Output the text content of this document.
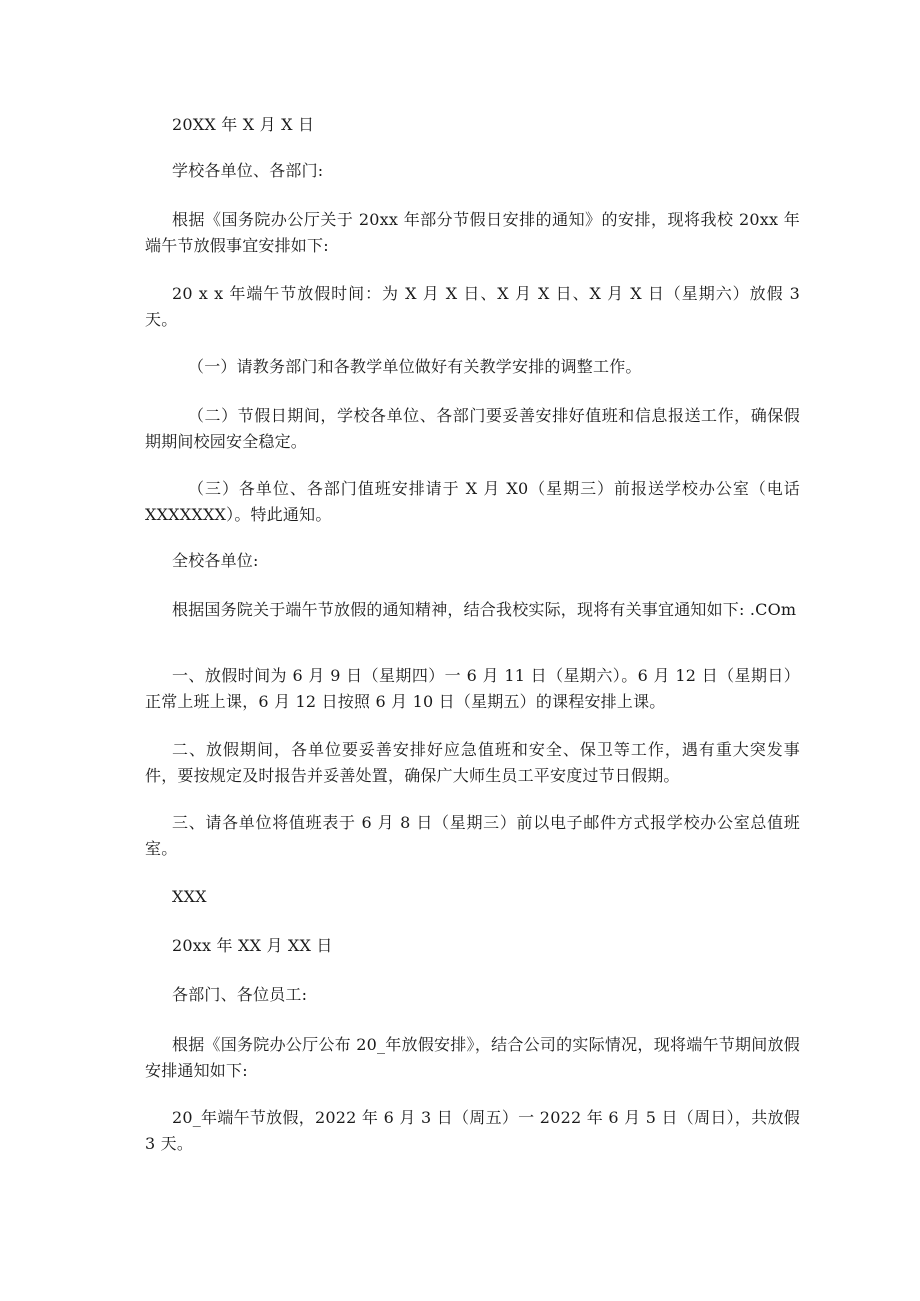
20XX 年 X 月 X 日

学校各单位、各部门:

根据《国务院办公厅关于 20xx 年部分节假日安排的通知》的安排，现将我校 20xx 年端午节放假事宜安排如下:

20 x x 年端午节放假时间：为 X 月 X 日、X 月 X 日、X 月 X 日（星期六）放假 3 天。

（一）请教务部门和各教学单位做好有关教学安排的调整工作。

（二）节假日期间，学校各单位、各部门要妥善安排好值班和信息报送工作，确保假期期间校园安全稳定。

（三）各单位、各部门值班安排请于 X 月 X0（星期三）前报送学校办公室（电话 XXXXXXX）。特此通知。

全校各单位:

根据国务院关于端午节放假的通知精神，结合我校实际，现将有关事宜通知如下: .COm

一、放假时间为 6 月 9 日（星期四）一 6 月 11 日（星期六）。6 月 12 日（星期日）正常上班上课，6 月 12 日按照 6 月 10 日（星期五）的课程安排上课。

二、放假期间，各单位要妥善安排好应急值班和安全、保卫等工作，遇有重大突发事件，要按规定及时报告并妥善处置，确保广大师生员工平安度过节日假期。

三、请各单位将值班表于 6 月 8 日（星期三）前以电子邮件方式报学校办公室总值班室。

XXX

20xx 年 XX 月 XX 日

各部门、各位员工:

根据《国务院办公厅公布 20_年放假安排》，结合公司的实际情况，现将端午节期间放假安排通知如下:

20_年端午节放假，2022 年 6 月 3 日（周五）一 2022 年 6 月 5 日（周日），共放假 3 天。
